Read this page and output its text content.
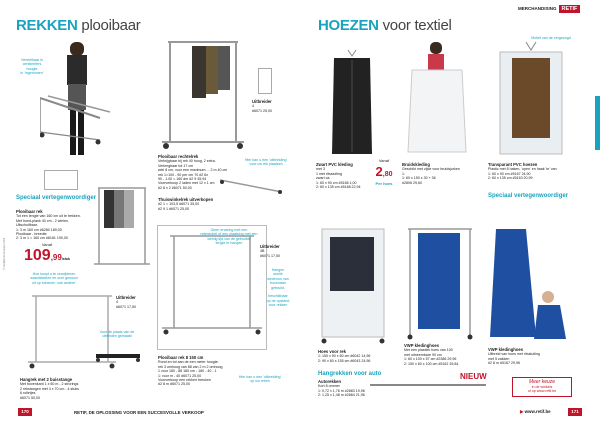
REKKEN plooibaar
Verstelbaar in
centimeters
hoogte
in ‘ingenomen’
Uitbreider
4
#6071 25,00
Plooibaar rechtelrek
Verkrijgbaar bij rek 40 hoog, 2 extra.
Verlengbaar tot 17 cm
wiel 8 cm, voor een maximum ... 2 m 40 cm
rek 1=100 - 90 per cm 70 #2 6x
90 - 1.00 = 160 dm #2 9 45,94
Voorverkoop 2 laden met 12 x 1 cm
#2 8 x 2 #6071 50,00
Thuiswinkelrek uitverkopen
#2 1 = 103,5 #6071 35,00
#2 9 1 #6071 25,00
Hier kan u een 'uitbreiding'
voor uw rek plaatsen
Speciaal vertegenwoordiger
Plooibaar rek
Tot een lengte van 160 cm uit te trekken.
Met hoed-plank 40 cm - 2 wielen.
Uitschuifbaar.
1: 3 m 160 cm #6280 189,00
Plooibaar - breedte
2: 3 m 1 = 160 cm #6181 190,00
Vanaf
109,99/stuk
Hoe koopt u te verwijderen
wasmiddelen en over gewoon
uit op schenen ‘ook andere’
Uitbreider
4
#6071 17,50
Voor de plaats van de
uiteinden gemaakt
Hangrek met 2 buisstange
Met bovenkant 1 x 60 m - 2 strorings
2 rekstangen met 4 x 70 cm - 4 stuks
6 rolletjes
#6071 50,00
Geen ervaring met een
rekmeubel of een plaatsing met een
weinig tijd van de gebruikte
lengte te hangen
Uitbreider
4B
#6071 17,50
Hangen
snelle
wederom van
bovenaan
gebruikt,

beschikbaar
op de opstand
voor rekken
Plooibaar rek 8 150 cm
Rond en tot aan de een meter hoogte.
rek 3 omhoog van 88 van 2 m 2 omhoog
1 voor 180 - 88 180 cm - 180 - 40 - 1
1: voor m - 40 #6071 25,00
Voorverkoop een rekken breuken
#2 8 m #6071 25,00
Hier kan u een 'uitbreiding'
op uw reken
© tienfij/Retif tenopper 2009
170	RETIF, DE OPLOSSING VOOR EEN SUCCESVOLLE VERKOOP
MERCHANDISING RETIF
HOEZEN voor textiel
Motief van de vergeoogd
Zwart PVC kleding
met 3
1 met ritssluiting
zwart ca.
1: 60 x 90 cm #5166 1,00
2: 60 x 135 cm #5168 22,94
Vanaf
2,80
Per hoes
Bruidskleding
Geschikt met zijde voor bruidsjurken
1:
1: 60 x 150 x 30 + 36
#2806 29,60
Transparant PVC hoezen
Plastic met 8 haken, 'open' en haak 'te' van
1: 60 x 90 cm #5167 24,90
2: 60 x 135 cm #5163 20,99
Speciaal vertegenwoordiger
Hoes voor rek
1: 150 x 90 x 60 cm #6042 14,96
2: 90 x 60 x 155 cm #6043 24,96
VWP kledinghoes
Met een plastiek hoes van 100
met uitneembare 90 cm
1: 60 x 100 x 57 cm #2386 29,96
2: 150 x 60 x 100 cm #5162 39,84
VWP kledinghoes
Uitbreid van hoes met ritssluiting
met 5 zakken
#2 8 m #5167 29,96
Hangrekken voor auto	NIEUW
Autorekken
Kort 8 ommer
1: 0,72 x 1,76 m #2883 19,96
2: 1,25 x 1,48 m #2884 21,96
Meer keuze
in de winkels
of op www.retif.be
▶ www.retif.be	171
